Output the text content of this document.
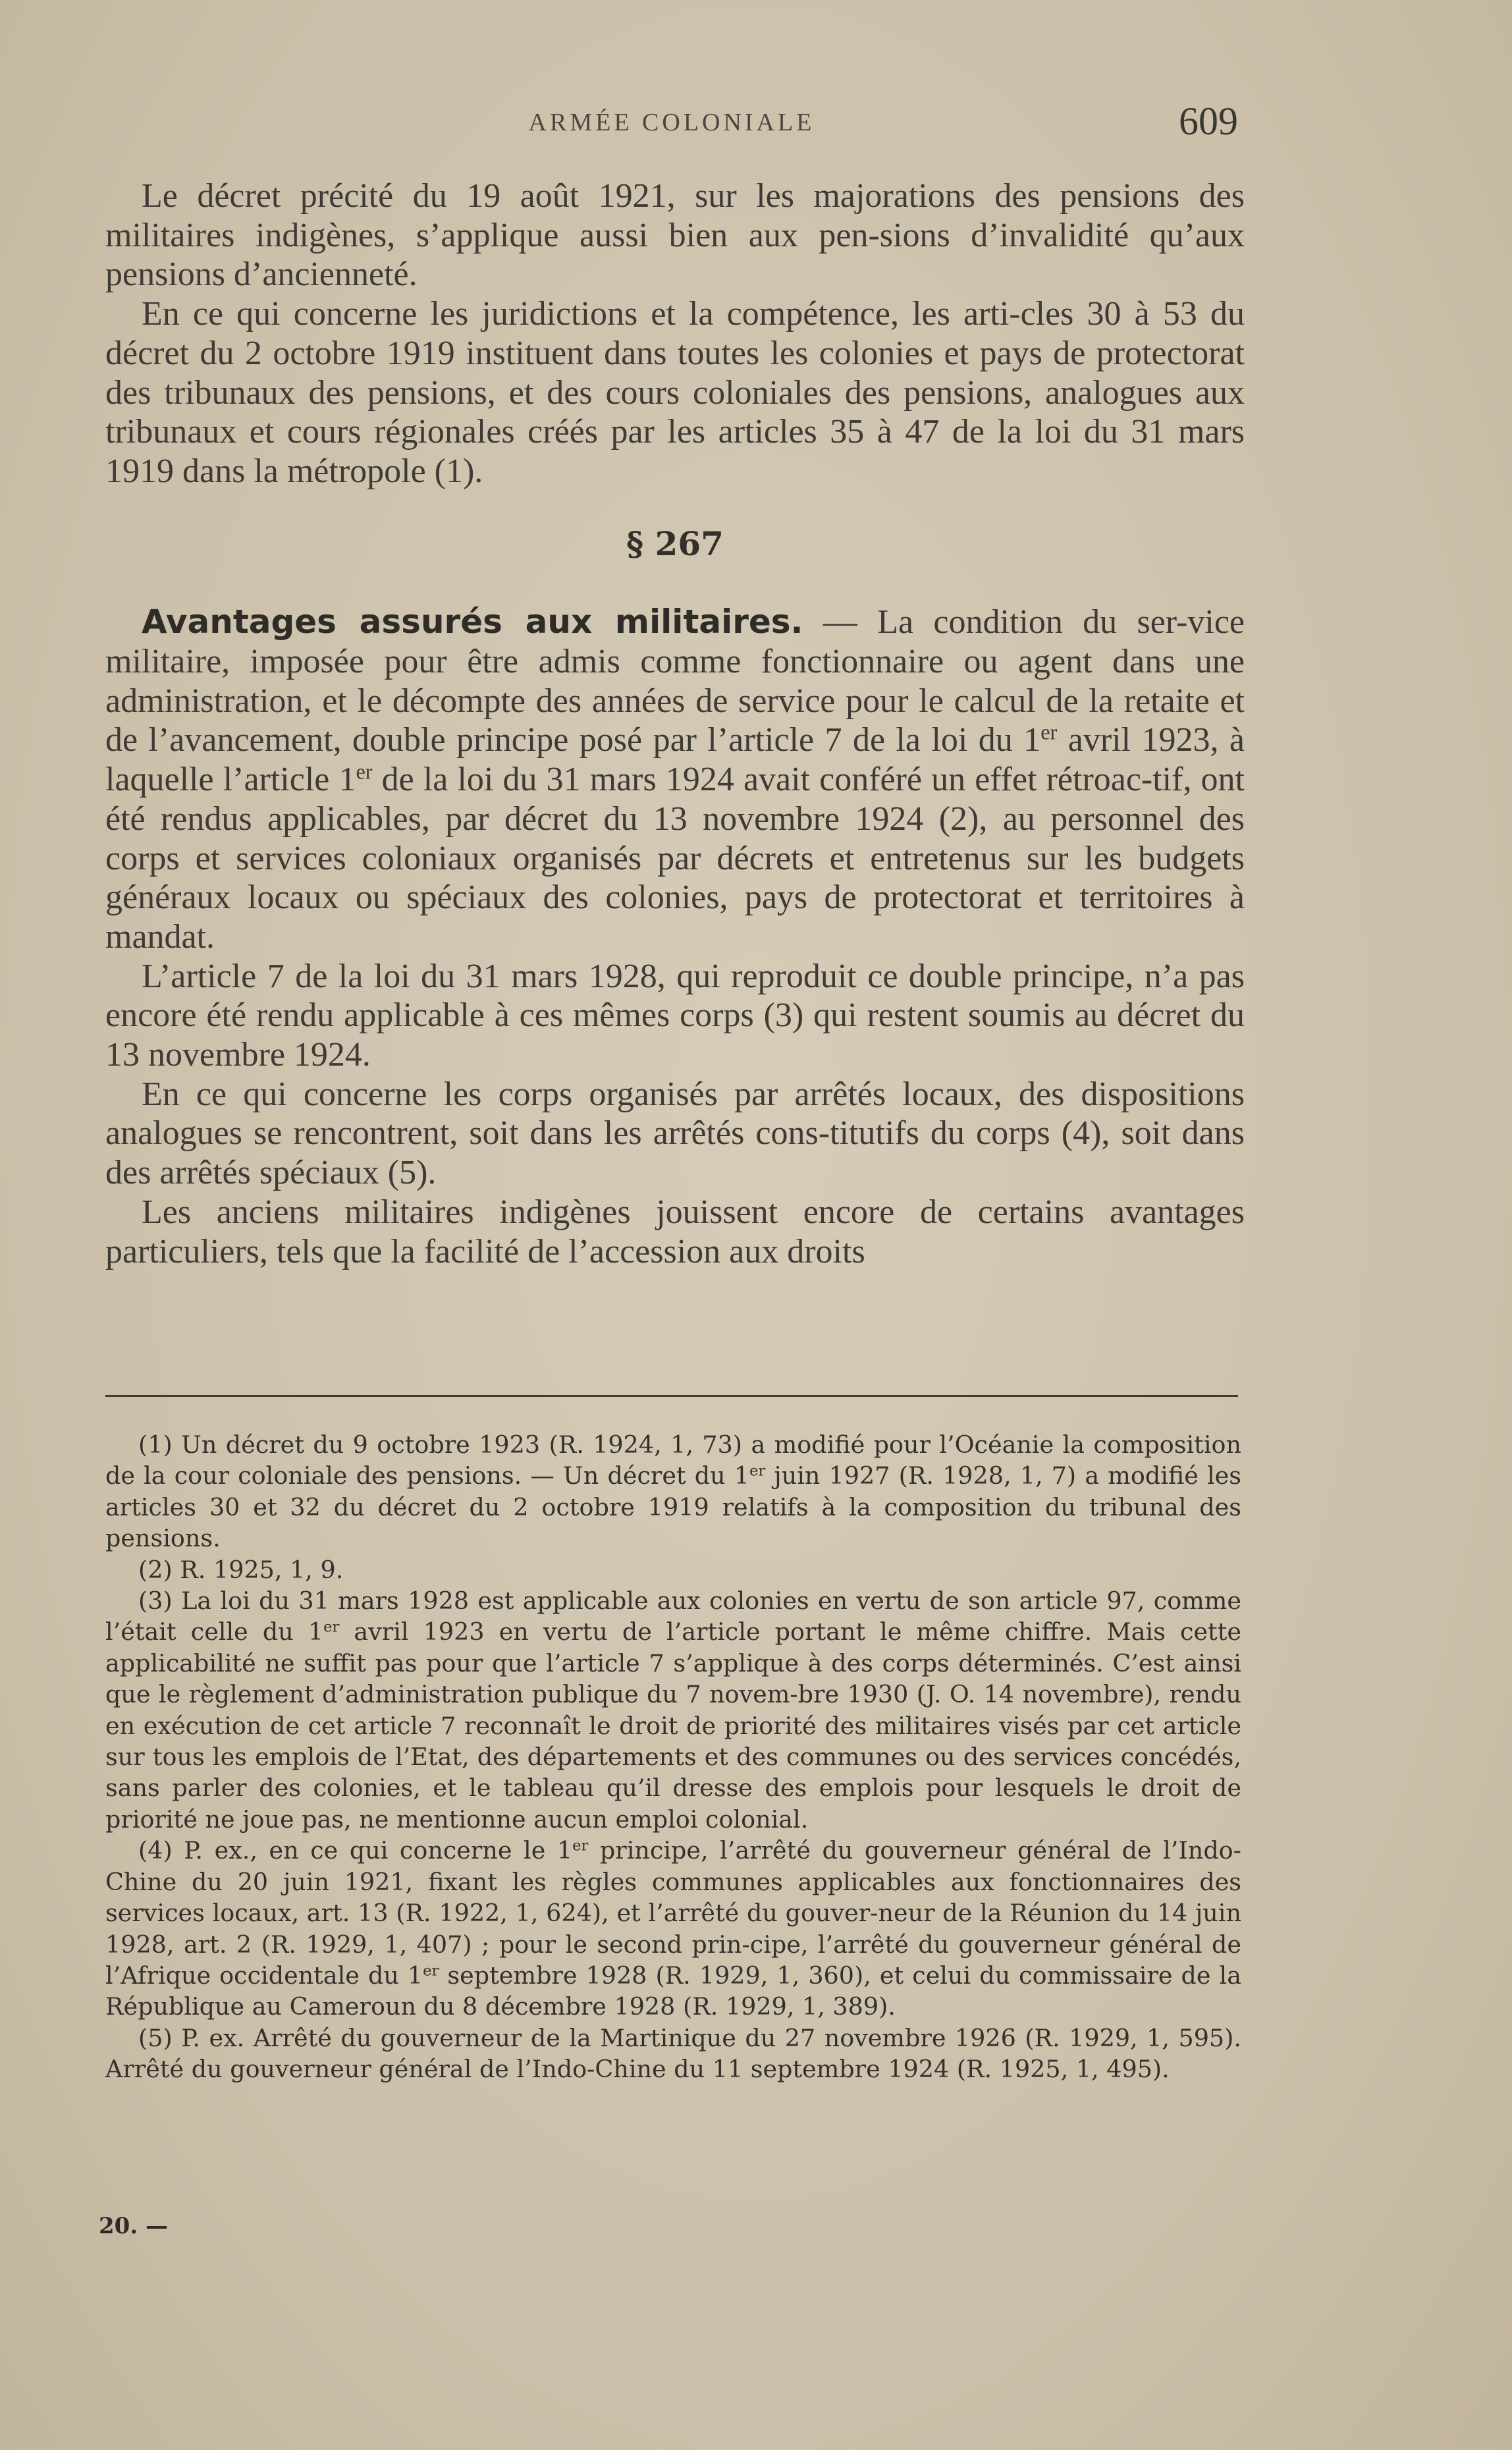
ARMÉE COLONIALE	609

Le décret précité du 19 août 1921, sur les majorations des pensions des militaires indigènes, s’applique aussi bien aux pen-sions d’invalidité qu’aux pensions d’ancienneté.

En ce qui concerne les juridictions et la compétence, les arti-cles 30 à 53 du décret du 2 octobre 1919 instituent dans toutes les colonies et pays de protectorat des tribunaux des pensions, et des cours coloniales des pensions, analogues aux tribunaux et cours régionales créés par les articles 35 à 47 de la loi du 31 mars 1919 dans la métropole (1).

§ 267

Avantages assurés aux militaires. — La condition du ser-vice militaire, imposée pour être admis comme fonctionnaire ou agent dans une administration, et le décompte des années de service pour le calcul de la retaite et de l’avancement, double principe posé par l’article 7 de la loi du 1er avril 1923, à laquelle l’article 1er de la loi du 31 mars 1924 avait conféré un effet rétroac-tif, ont été rendus applicables, par décret du 13 novembre 1924 (2), au personnel des corps et services coloniaux organisés par décrets et entretenus sur les budgets généraux locaux ou spéciaux des colonies, pays de protectorat et territoires à mandat.

L’article 7 de la loi du 31 mars 1928, qui reproduit ce double principe, n’a pas encore été rendu applicable à ces mêmes corps (3) qui restent soumis au décret du 13 novembre 1924.

En ce qui concerne les corps organisés par arrêtés locaux, des dispositions analogues se rencontrent, soit dans les arrêtés cons-titutifs du corps (4), soit dans des arrêtés spéciaux (5).

Les anciens militaires indigènes jouissent encore de certains avantages particuliers, tels que la facilité de l’accession aux droits

(1) Un décret du 9 octobre 1923 (R. 1924, 1, 73) a modifié pour l’Océanie la composition de la cour coloniale des pensions. — Un décret du 1er juin 1927 (R. 1928, 1, 7) a modifié les articles 30 et 32 du décret du 2 octobre 1919 relatifs à la composition du tribunal des pensions.

(2) R. 1925, 1, 9.

(3) La loi du 31 mars 1928 est applicable aux colonies en vertu de son article 97, comme l’était celle du 1er avril 1923 en vertu de l’article portant le même chiffre. Mais cette applicabilité ne suffit pas pour que l’article 7 s’applique à des corps déterminés. C’est ainsi que le règlement d’administration publique du 7 novem-bre 1930 (J. O. 14 novembre), rendu en exécution de cet article 7 reconnaît le droit de priorité des militaires visés par cet article sur tous les emplois de l’Etat, des départements et des communes ou des services concédés, sans parler des colonies, et le tableau qu’il dresse des emplois pour lesquels le droit de priorité ne joue pas, ne mentionne aucun emploi colonial.

(4) P. ex., en ce qui concerne le 1er principe, l’arrêté du gouverneur général de l’Indo-Chine du 20 juin 1921, fixant les règles communes applicables aux fonctionnaires des services locaux, art. 13 (R. 1922, 1, 624), et l’arrêté du gouver-neur de la Réunion du 14 juin 1928, art. 2 (R. 1929, 1, 407) ; pour le second prin-cipe, l’arrêté du gouverneur général de l’Afrique occidentale du 1er septembre 1928 (R. 1929, 1, 360), et celui du commissaire de la République au Cameroun du 8 décembre 1928 (R. 1929, 1, 389).

(5) P. ex. Arrêté du gouverneur de la Martinique du 27 novembre 1926 (R. 1929, 1, 595). Arrêté du gouverneur général de l’Indo-Chine du 11 septembre 1924 (R. 1925, 1, 495).

20. —
